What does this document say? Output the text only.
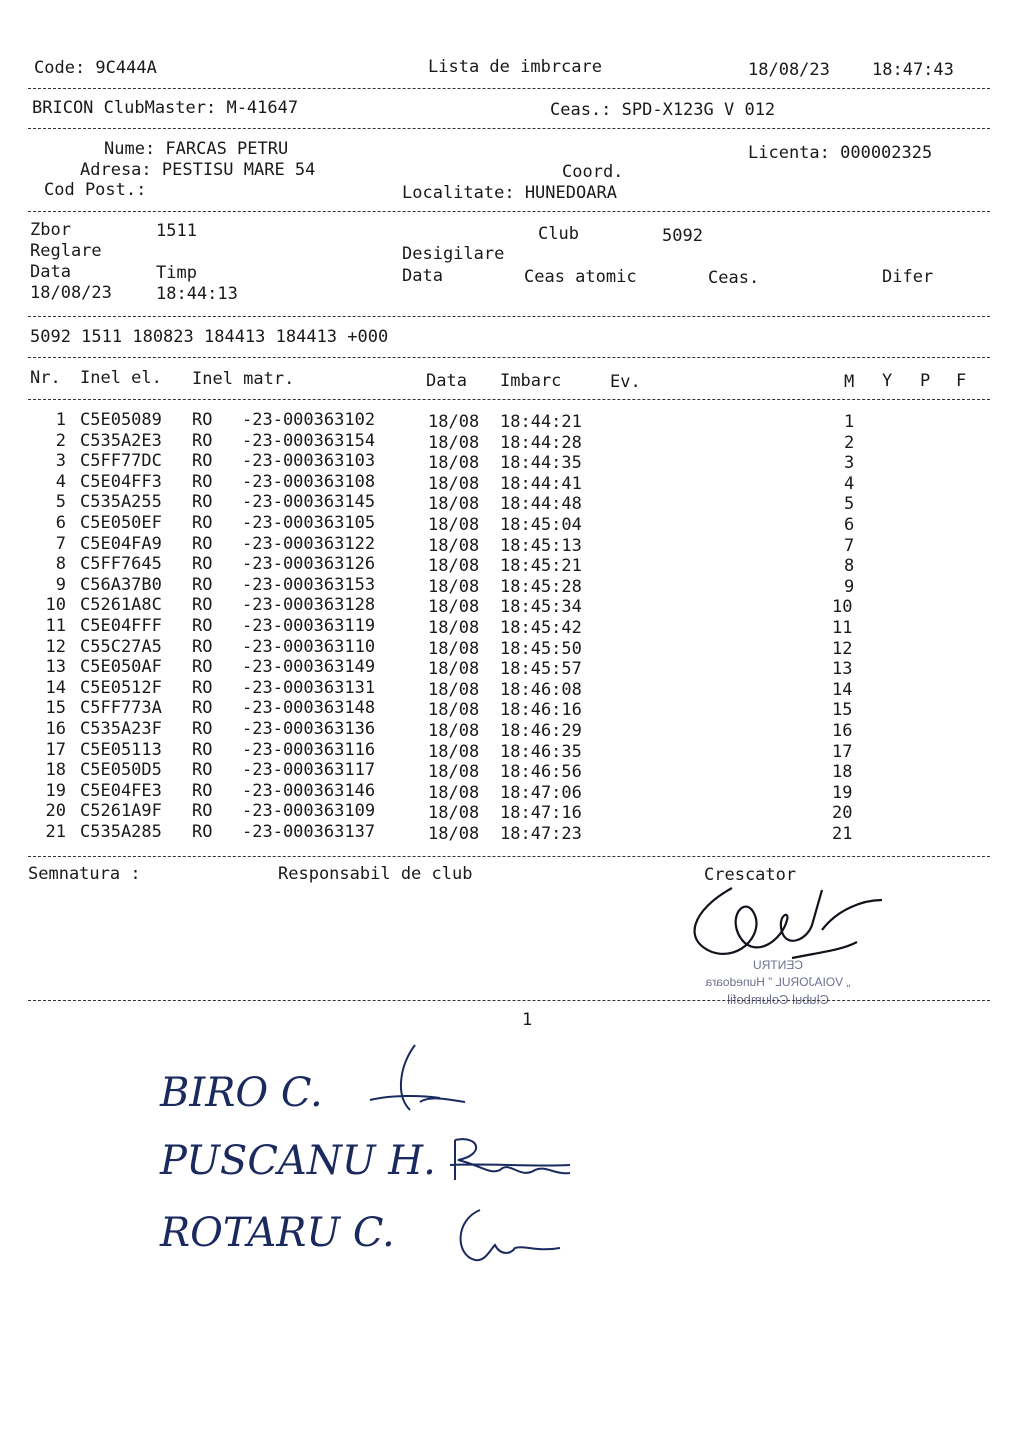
Code: 9C444A	Lista de imbrcare	18/08/23 18:47:43
BRICON ClubMaster: M-41647	Ceas.: SPD-X123G V 012
Nume: FARCAS PETRU	Licenta: 000002325
Adresa: PESTISU MARE 54	Coord.
Cod Post.:	Localitate: HUNEDOARA
Zbor	1511	Club	5092
Reglare	Desigilare
Data	Timp	Data	Ceas atomic	Ceas.	Difer
18/08/23	18:44:13
5092 1511 180823 184413 184413 +000
Nr. Inel el. Inel matr.	Data Imbarc	Ev.	M Y P F
1 C5E05089 RO -23-000363102	18/08 18:44:21	1
2 C535A2E3 RO -23-000363154	18/08 18:44:28	2
3 C5FF77DC RO -23-000363103	18/08 18:44:35	3
4 C5E04FF3 RO -23-000363108	18/08 18:44:41	4
5 C535A255 RO -23-000363145	18/08 18:44:48	5
6 C5E050EF RO -23-000363105	18/08 18:45:04	6
7 C5E04FA9 RO -23-000363122	18/08 18:45:13	7
8 C5FF7645 RO -23-000363126	18/08 18:45:21	8
9 C56A37B0 RO -23-000363153	18/08 18:45:28	9
10 C5261A8C RO -23-000363128	18/08 18:45:34	10
11 C5E04FFF RO -23-000363119	18/08 18:45:42	11
12 C55C27A5 RO -23-000363110	18/08 18:45:50	12
13 C5E050AF RO -23-000363149	18/08 18:45:57	13
14 C5E0512F RO -23-000363131	18/08 18:46:08	14
15 C5FF773A RO -23-000363148	18/08 18:46:16	15
16 C535A23F RO -23-000363136	18/08 18:46:29	16
17 C5E05113 RO -23-000363116	18/08 18:46:35	17
18 C5E050D5 RO -23-000363117	18/08 18:46:56	18
19 C5E04FE3 RO -23-000363146	18/08 18:47:06	19
20 C5261A9F RO -23-000363109	18/08 18:47:16	20
21 C535A285 RO -23-000363137	18/08 18:47:23	21
Semnatura :	Responsabil de club	Crescator
CENTRU
„ VOIAJORUL ” Hunedoara
Clubul Columbofil
1
BIRO C.
PUSCANU H.
ROTARU C.
